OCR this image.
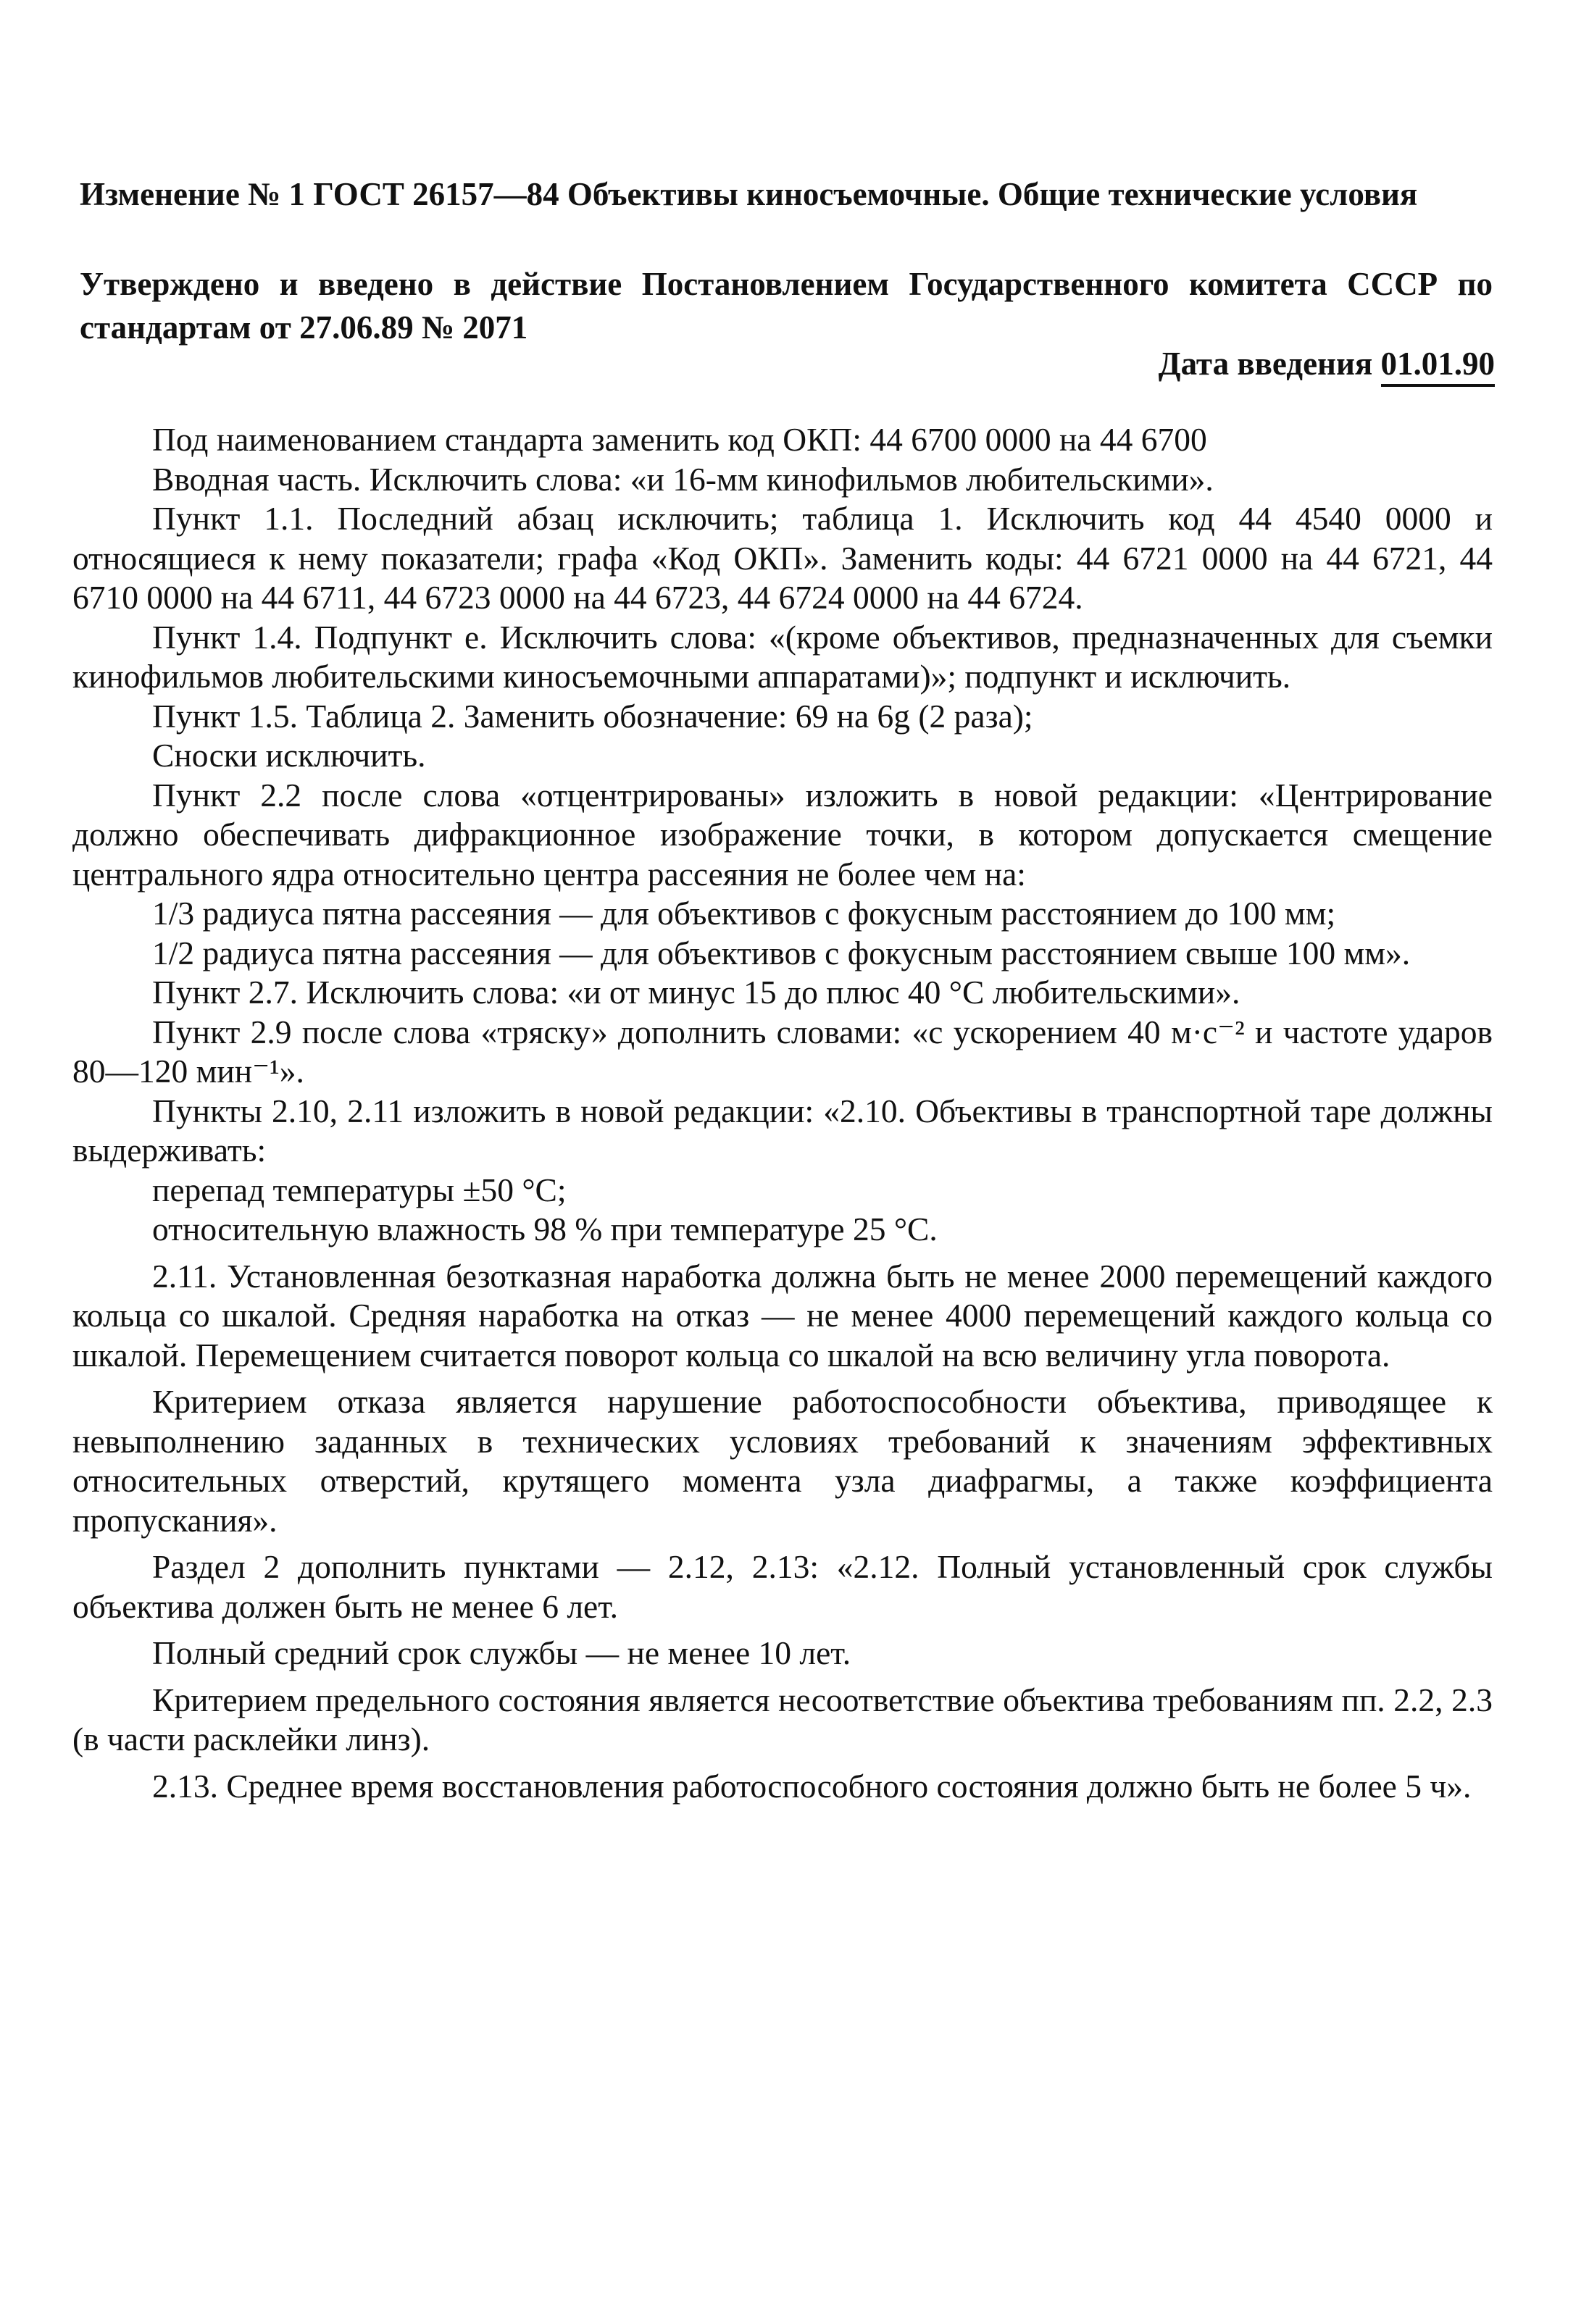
Изменение № 1 ГОСТ 26157—84 Объективы киносъемочные. Общие технические условия
Утверждено и введено в действие Постановлением Государственного комитета СССР по стандартам от 27.06.89 № 2071
Дата введения 01.01.90

Под наименованием стандарта заменить код ОКП: 44 6700 0000 на 44 6700

Вводная часть. Исключить слова: «и 16-мм кинофильмов любительскими».

Пункт 1.1. Последний абзац исключить; таблица 1. Исключить код 44 4540 0000 и относящиеся к нему показатели; графа «Код ОКП». Заменить коды: 44 6721 0000 на 44 6721, 44 6710 0000 на 44 6711, 44 6723 0000 на 44 6723, 44 6724 0000 на 44 6724.

Пункт 1.4. Подпункт е. Исключить слова: «(кроме объективов, предназначенных для съемки кинофильмов любительскими киносъемочными аппаратами)»; подпункт и исключить.

Пункт 1.5. Таблица 2. Заменить обозначение: 69 на 6g (2 раза);

Сноски исключить.

Пункт 2.2 после слова «отцентрированы» изложить в новой редакции: «Центрирование должно обеспечивать дифракционное изображение точки, в котором допускается смещение центрального ядра относительно центра рассеяния не более чем на:

1/3 радиуса пятна рассеяния — для объективов с фокусным расстоянием до 100 мм;

1/2 радиуса пятна рассеяния — для объективов с фокусным расстоянием свыше 100 мм».

Пункт 2.7. Исключить слова: «и от минус 15 до плюс 40 °С любительскими».

Пункт 2.9 после слова «тряску» дополнить словами: «с ускорением 40 м·с⁻² и частоте ударов 80—120 мин⁻¹».

Пункты 2.10, 2.11 изложить в новой редакции: «2.10. Объективы в транспортной таре должны выдерживать:

перепад температуры ±50 °С;

относительную влажность 98 % при температуре 25 °С.

2.11. Установленная безотказная наработка должна быть не менее 2000 перемещений каждого кольца со шкалой. Средняя наработка на отказ — не менее 4000 перемещений каждого кольца со шкалой. Перемещением считается поворот кольца со шкалой на всю величину угла поворота.

Критерием отказа является нарушение работоспособности объектива, приводящее к невыполнению заданных в технических условиях требований к значениям эффективных относительных отверстий, крутящего момента узла диафрагмы, а также коэффициента пропускания».

Раздел 2 дополнить пунктами — 2.12, 2.13: «2.12. Полный установленный срок службы объектива должен быть не менее 6 лет.

Полный средний срок службы — не менее 10 лет.

Критерием предельного состояния является несоответствие объектива требованиям пп. 2.2, 2.3 (в части расклейки линз).

2.13. Среднее время восстановления работоспособного состояния должно быть не более 5 ч».
